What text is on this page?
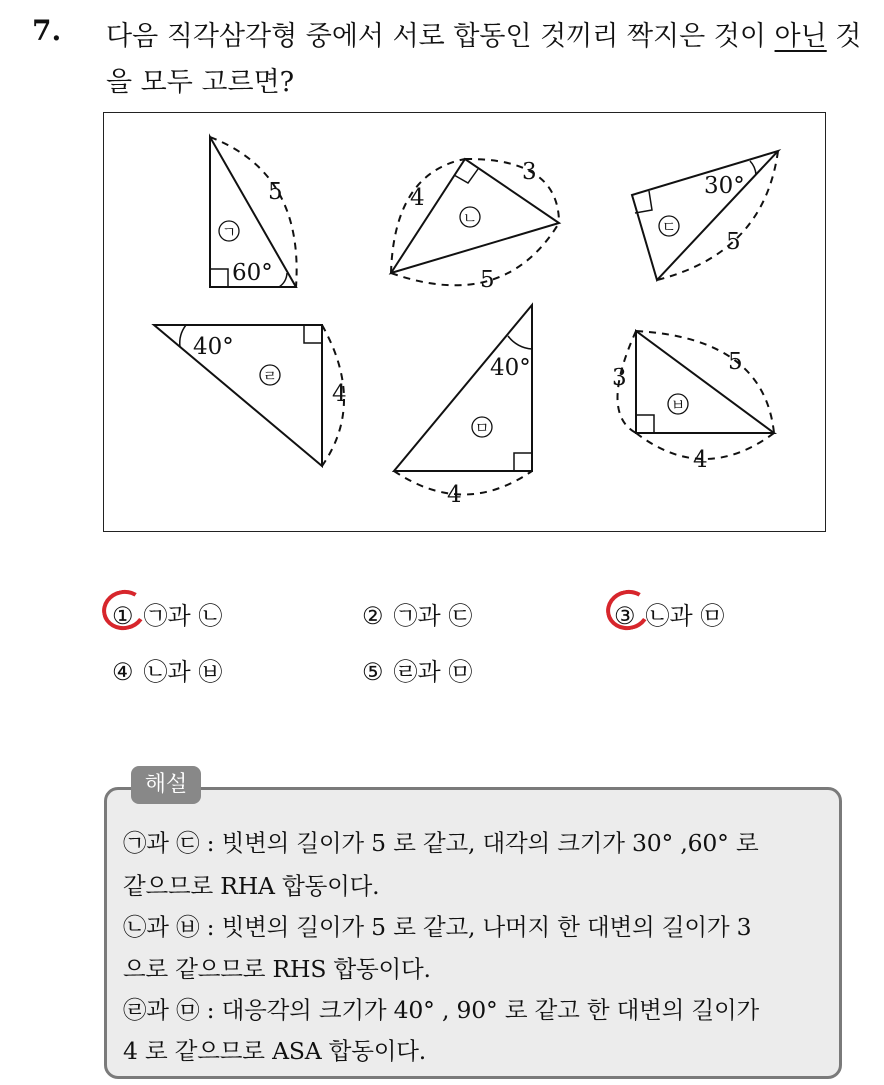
7. 다음 직각삼각형 중에서 서로 합동인 것끼리 짝지은 것이 아닌 것을 모두 고르면?
5
60°
ㄱ
4
3
5
ㄴ
30°
5
ㄷ
40°
4
ㄹ	40°
4
ㅁ
3
5
4
ㅂ
① ㉠과 ㉡	② ㉠과 ㉢	③ ㉡과 ㉤
④ ㉡과 ㉥	⑤ ㉣과 ㉤
해설
㉠과 ㉢ : 빗변의 길이가 5 로 같고, 대각의 크기가 30° ,60° 로
같으므로 RHA 합동이다.
㉡과 ㉥ : 빗변의 길이가 5 로 같고, 나머지 한 대변의 길이가 3
으로 같으므로 RHS 합동이다.
㉣과 ㉤ : 대응각의 크기가 40° , 90° 로 같고 한 대변의 길이가
4 로 같으므로 ASA 합동이다.
